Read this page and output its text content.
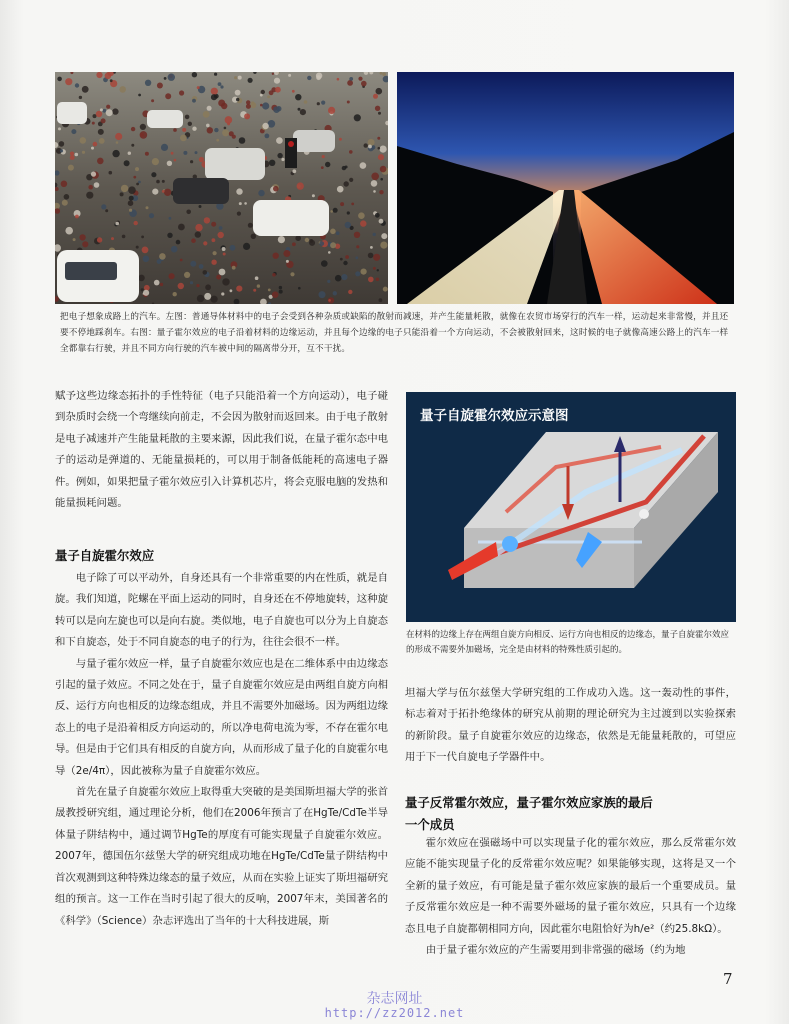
把电子想象成路上的汽车。左图：普通导体材料中的电子会受到各种杂质或缺陷的散射而减速，并产生能量耗散，就像在农贸市场穿行的汽车一样，运动起来非常慢，并且还要不停地踩刹车。右图：量子霍尔效应的电子沿着材料的边缘运动，并且每个边缘的电子只能沿着一个方向运动，不会被散射回来，这时候的电子就像高速公路上的汽车一样全都靠右行驶，并且不同方向行驶的汽车被中间的隔离带分开，互不干扰。

赋予这些边缘态拓扑的手性特征（电子只能沿着一个方向运动），电子碰到杂质时会绕一个弯继续向前走，不会因为散射而返回来。由于电子散射是电子减速并产生能量耗散的主要来源，因此我们说，在量子霍尔态中电子的运动是弹道的、无能量损耗的，可以用于制备低能耗的高速电子器件。例如，如果把量子霍尔效应引入计算机芯片，将会克服电脑的发热和能量损耗问题。

量子自旋霍尔效应

电子除了可以平动外，自身还具有一个非常重要的内在性质，就是自旋。我们知道，陀螺在平面上运动的同时，自身还在不停地旋转，这种旋转可以是向左旋也可以是向右旋。类似地，电子自旋也可以分为上自旋态和下自旋态，处于不同自旋态的电子的行为，往往会很不一样。

与量子霍尔效应一样，量子自旋霍尔效应也是在二维体系中由边缘态引起的量子效应。不同之处在于，量子自旋霍尔效应是由两组自旋方向相反、运行方向也相反的边缘态组成，并且不需要外加磁场。因为两组边缘态上的电子是沿着相反方向运动的，所以净电荷电流为零，不存在霍尔电导。但是由于它们具有相反的自旋方向，从而形成了量子化的自旋霍尔电导（2e/4π），因此被称为量子自旋霍尔效应。

首先在量子自旋霍尔效应上取得重大突破的是美国斯坦福大学的张首晟教授研究组，通过理论分析，他们在2006年预言了在HgTe/CdTe半导体量子阱结构中，通过调节HgTe的厚度有可能实现量子自旋霍尔效应。2007年，德国伍尔兹堡大学的研究组成功地在HgTe/CdTe量子阱结构中首次观测到这种特殊边缘态的量子效应，从而在实验上证实了斯坦福研究组的预言。这一工作在当时引起了很大的反响，2007年末，美国著名的《科学》（Science）杂志评选出了当年的十大科技进展，斯

量子自旋霍尔效应示意图
在材料的边缘上存在两组自旋方向相反、运行方向也相反的边缘态，量子自旋霍尔效应的形成不需要外加磁场，完全是由材料的特殊性质引起的。

坦福大学与伍尔兹堡大学研究组的工作成功入选。这一轰动性的事件，标志着对于拓扑绝缘体的研究从前期的理论研究为主过渡到以实验探索的新阶段。量子自旋霍尔效应的边缘态，依然是无能量耗散的，可望应用于下一代自旋电子学器件中。

量子反常霍尔效应，量子霍尔效应家族的最后

一个成员

霍尔效应在强磁场中可以实现量子化的霍尔效应，那么反常霍尔效应能不能实现量子化的反常霍尔效应呢？如果能够实现，这将是又一个全新的量子效应，有可能是量子霍尔效应家族的最后一个重要成员。量子反常霍尔效应是一种不需要外磁场的量子霍尔效应，只具有一个边缘态且电子自旋都朝相同方向，因此霍尔电阻恰好为h/e²（约25.8kΩ）。

由于量子霍尔效应的产生需要用到非常强的磁场（约为地

7
杂志网址
http://zz2012.net
